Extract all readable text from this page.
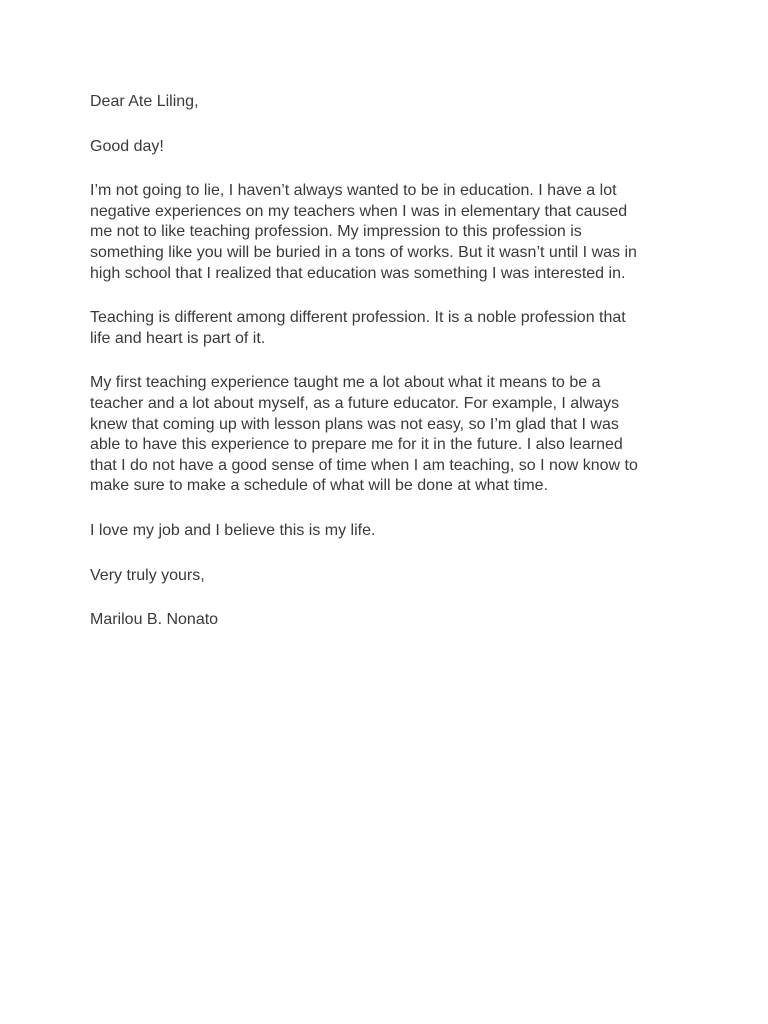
Dear Ate Liling,

Good day!

I’m not going to lie, I haven’t always wanted to be in education. I have a lot
negative experiences on my teachers when I was in elementary that caused
me not to like teaching profession. My impression to this profession is
something like you will be buried in a tons of works. But it wasn’t until I was in
high school that I realized that education was something I was interested in.

Teaching is different among different profession. It is a noble profession that
life and heart is part of it.

My first teaching experience taught me a lot about what it means to be a
teacher and a lot about myself, as a future educator. For example, I always
knew that coming up with lesson plans was not easy, so I’m glad that I was
able to have this experience to prepare me for it in the future. I also learned
that I do not have a good sense of time when I am teaching, so I now know to
make sure to make a schedule of what will be done at what time.

I love my job and I believe this is my life.

Very truly yours,

Marilou B. Nonato
